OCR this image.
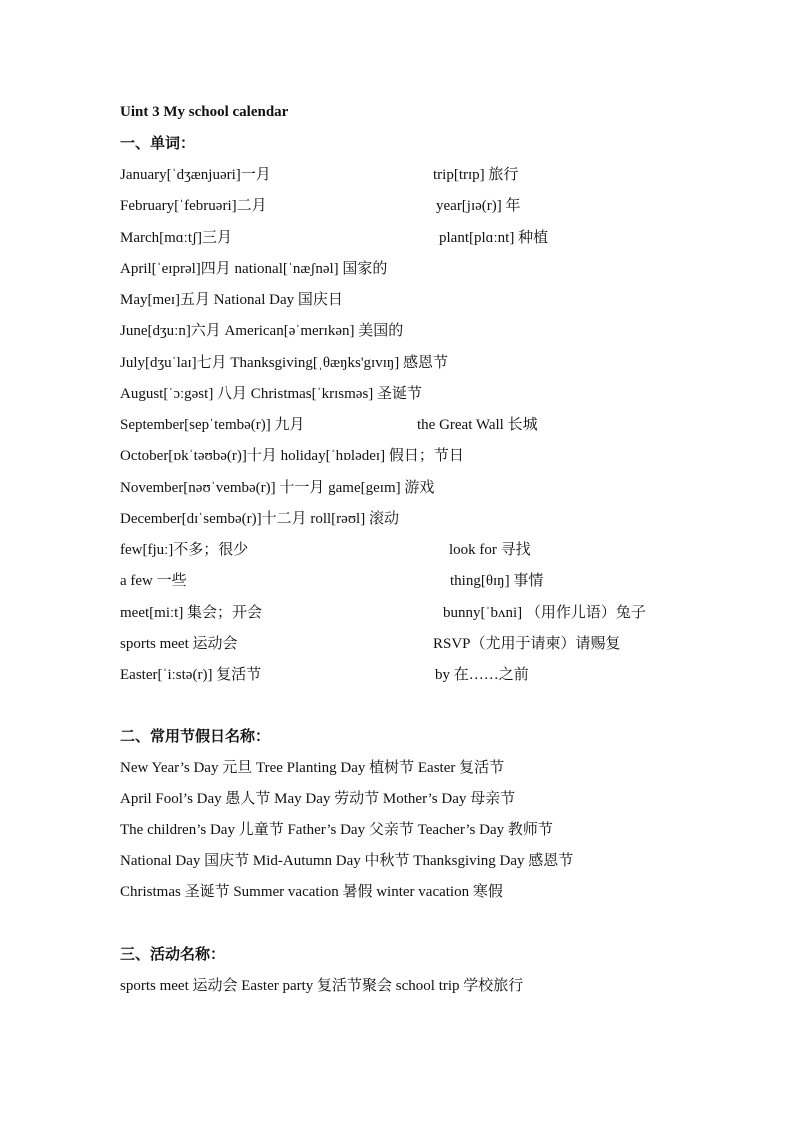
Uint 3 My school calendar
一、单词：
January[ˈdʒænjuəri]一月	trip[trɪp] 旅行
February[ˈfebruəri]二月	year[jɪə(r)] 年
March[mɑːtʃ]三月	plant[plɑːnt] 种植
April[ˈeɪprəl]四月 national[ˈnæʃnəl] 国家的
May[meɪ]五月 National Day 国庆日
June[dʒuːn]六月 American[əˈmerɪkən] 美国的
July[dʒuˈlaɪ]七月 Thanksgiving[ˌθæŋks'gɪvɪŋ] 感恩节
August[ˈɔːgəst] 八月 Christmas[ˈkrɪsməs] 圣诞节
September[sepˈtembə(r)] 九月	the Great Wall 长城
October[ɒkˈtəʊbə(r)]十月 holiday[ˈhɒlədeɪ] 假日；节日
November[nəʊˈvembə(r)] 十一月 game[geɪm] 游戏
December[dɪˈsembə(r)]十二月 roll[rəʊl] 滚动
few[fjuː]不多；很少	look for 寻找
a few 一些	thing[θɪŋ] 事情
meet[miːt] 集会；开会	bunny[ˈbʌni] （用作儿语）兔子
sports meet 运动会	RSVP（尤用于请柬）请赐复
Easter[ˈiːstə(r)] 复活节	by 在……之前
二、常用节假日名称：
New Year’s Day 元旦 Tree Planting Day 植树节 Easter 复活节
April Fool’s Day 愚人节 May Day 劳动节 Mother’s Day 母亲节
The children’s Day 儿童节 Father’s Day 父亲节 Teacher’s Day 教师节
National Day 国庆节 Mid-Autumn Day 中秋节 Thanksgiving Day 感恩节
Christmas 圣诞节 Summer vacation 暑假 winter vacation 寒假
三、活动名称：
sports meet 运动会 Easter party 复活节聚会 school trip 学校旅行
